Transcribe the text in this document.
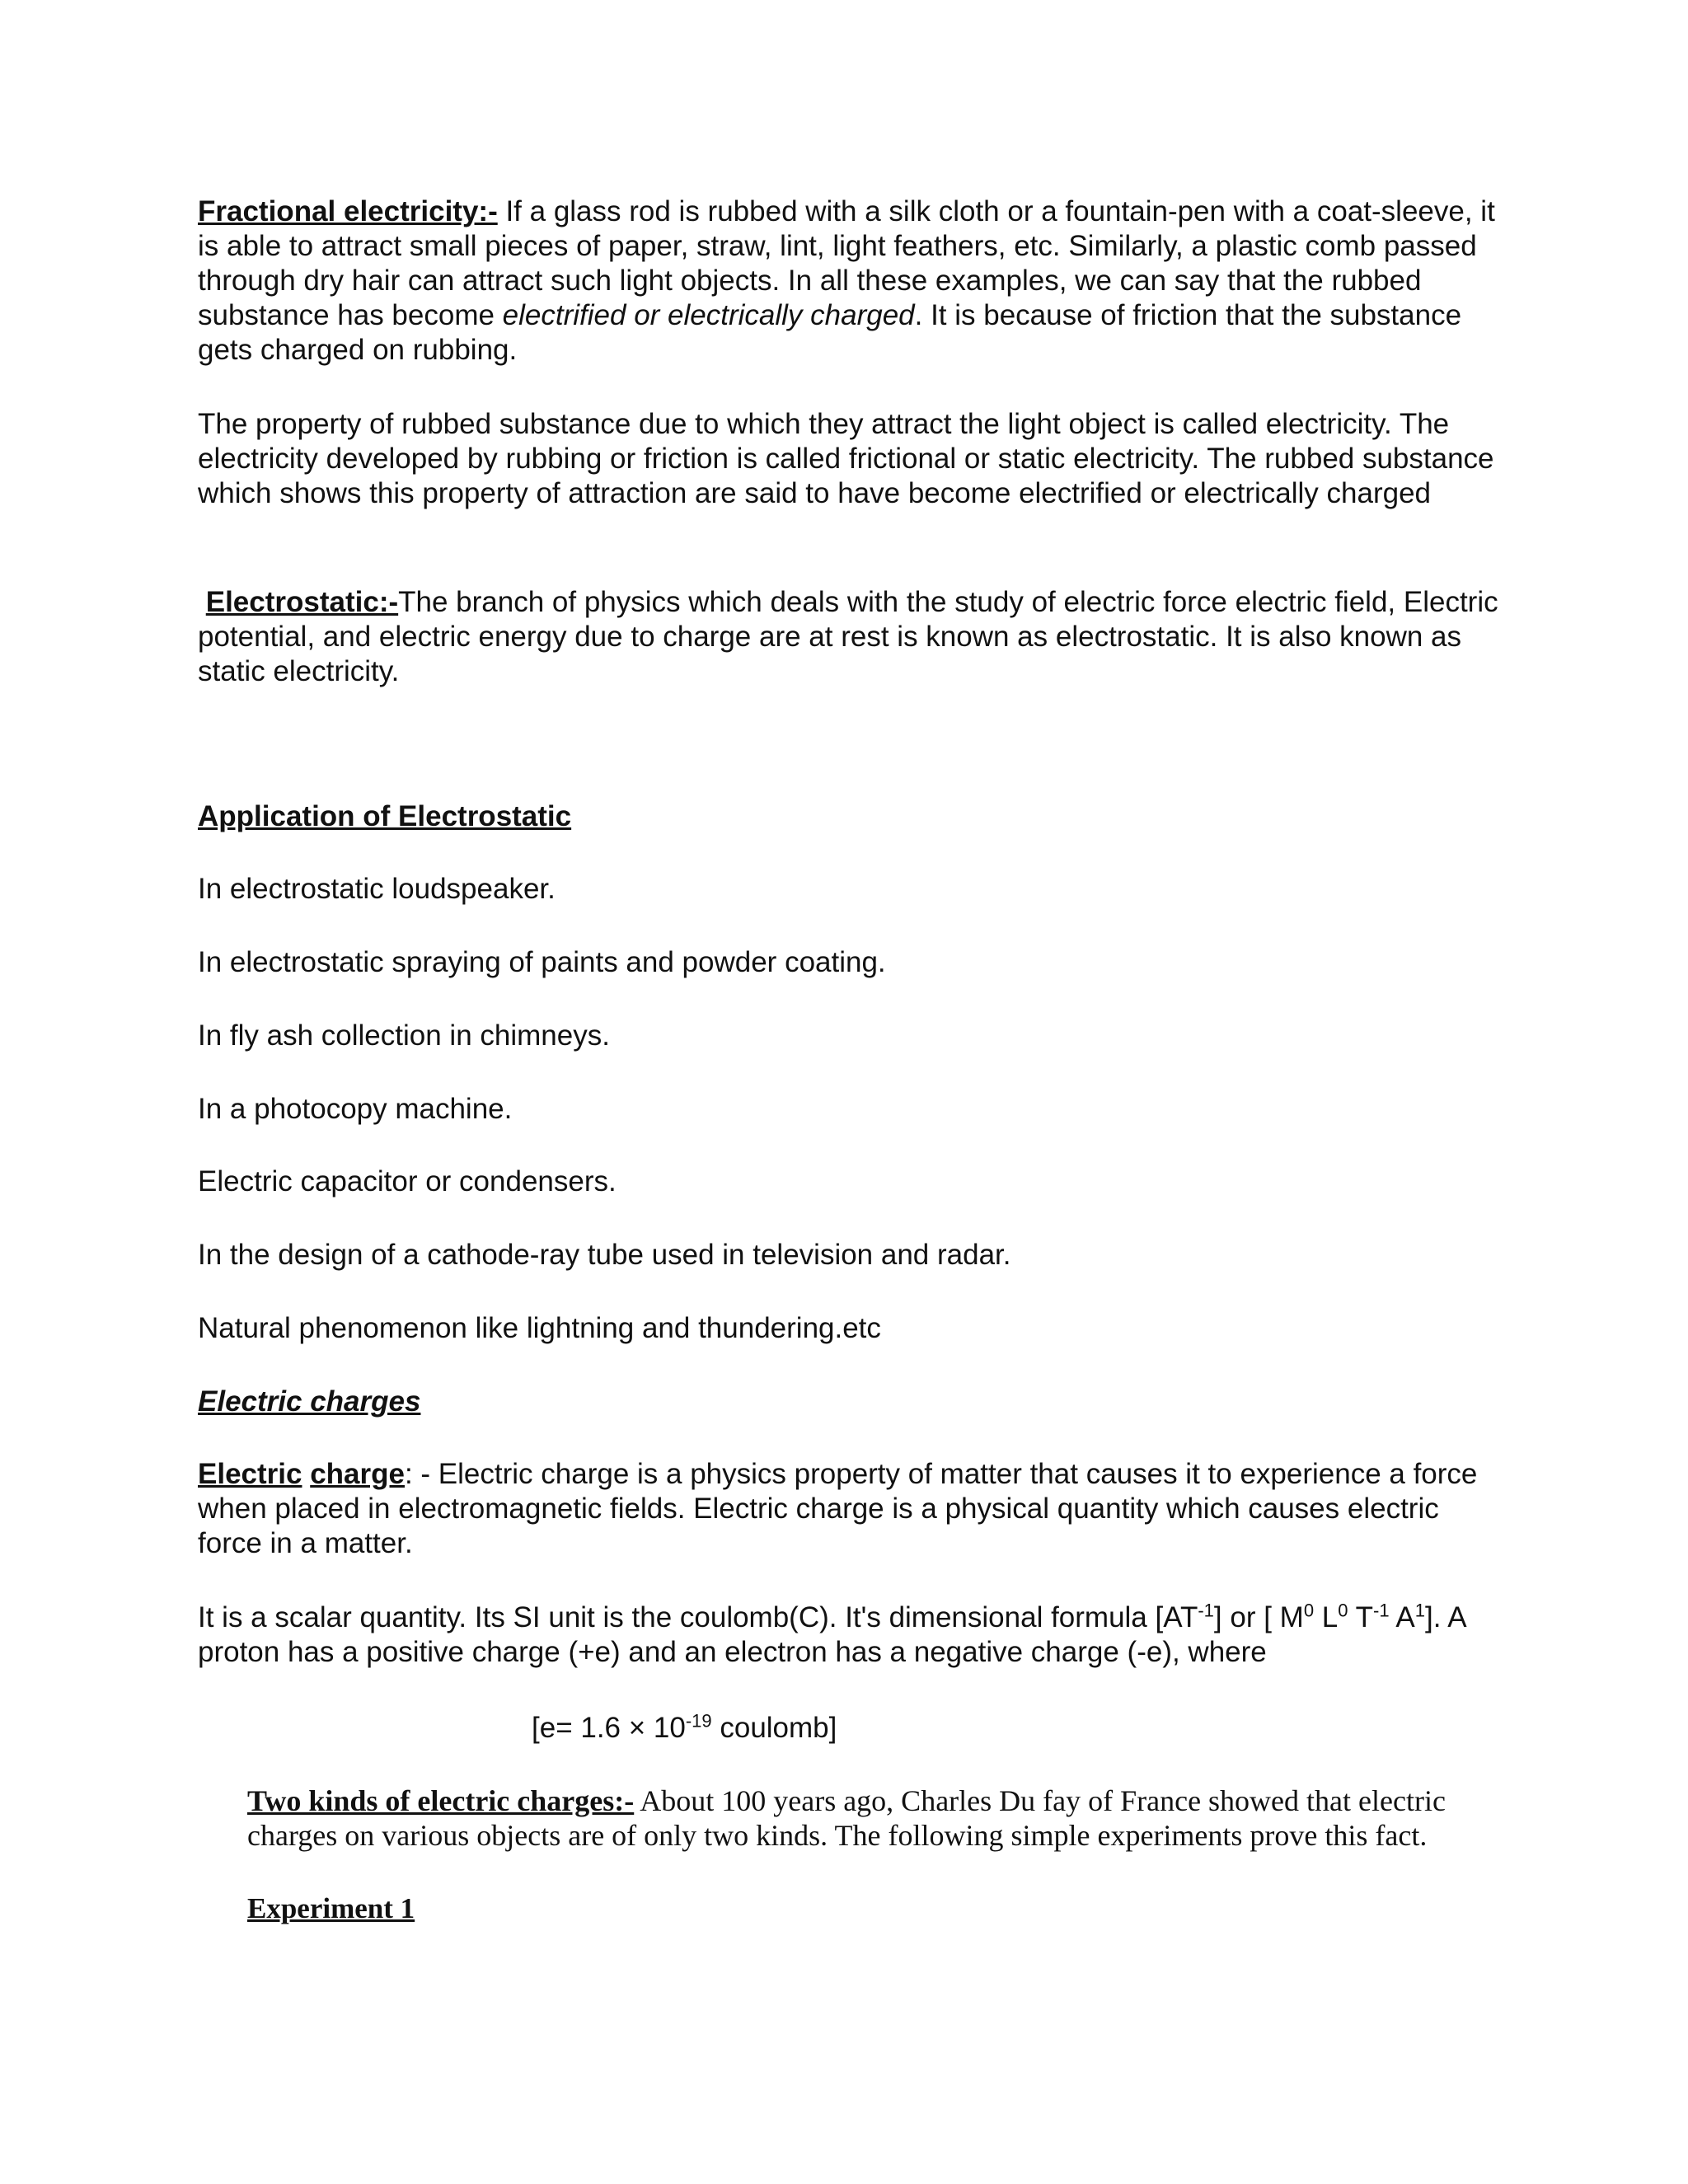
Fractional electricity:- If a glass rod is rubbed with a silk cloth or a fountain-pen with a coat-sleeve, it is able to attract small pieces of paper, straw, lint, light feathers, etc. Similarly, a plastic comb passed through dry hair can attract such light objects. In all these examples, we can say that the rubbed substance has become electrified or electrically charged. It is because of friction that the substance gets charged on rubbing.

The property of rubbed substance due to which they attract the light object is called electricity. The electricity developed by rubbing or friction is called frictional or static electricity. The rubbed substance which shows this property of attraction are said to have become electrified or electrically charged

Electrostatic:-The branch of physics which deals with the study of electric force electric field, Electric potential, and electric energy due to charge are at rest is known as electrostatic. It is also known as static electricity.

Application of Electrostatic

In electrostatic loudspeaker.

In electrostatic spraying of paints and powder coating.

In fly ash collection in chimneys.

In a photocopy machine.

Electric capacitor or condensers.

In the design of a cathode-ray tube used in television and radar.

Natural phenomenon like lightning and thundering.etc

Electric charges

Electric charge: - Electric charge is a physics property of matter that causes it to experience a force when placed in electromagnetic fields. Electric charge is a physical quantity which causes electric force in a matter.

It is a scalar quantity. Its SI unit is the coulomb(C). It's dimensional formula $[AT^{-1}]$ or [ $M^0$ $L^0$ $T^{-1}$ $A^1$]. A proton has a positive charge (+e) and an electron has a negative charge (-e), where

[$e= 1.6 \times 10^{-19}$ coulomb]

Two kinds of electric charges:- About 100 years ago, Charles Du fay of France showed that electric charges on various objects are of only two kinds. The following simple experiments prove this fact.

Experiment 1
